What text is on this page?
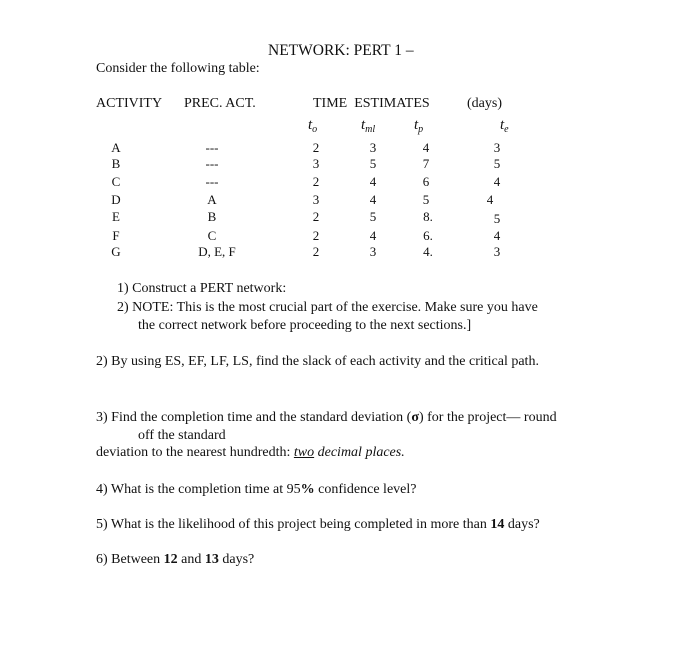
NETWORK: PERT 1 –
Consider the following table:
ACTIVITY PREC. ACT.	TIME  ESTIMATES	(days)
$t_o$	$t_{ml}$	$t_p$	$t_e$
A	---	2	3	4	3
B	---	3	5	7	5
C	---	2	4	6	4
D	A	3	4	5	4
E	B	2	5	8.	5
F	C	2	4	6.	4
G	D, E, F	2	3	4.	3
1) Construct a PERT network:
2) NOTE: This is the most crucial part of the exercise. Make sure you have
the correct network before proceeding to the next sections.]
2) By using ES, EF, LF, LS, find the slack of each activity and the critical path.
3) Find the completion time and the standard deviation (σ) for the project— round
off the standard
deviation to the nearest hundredth: two decimal places.
4) What is the completion time at 95% confidence level?
5) What is the likelihood of this project being completed in more than 14 days?
6) Between 12 and 13 days?
